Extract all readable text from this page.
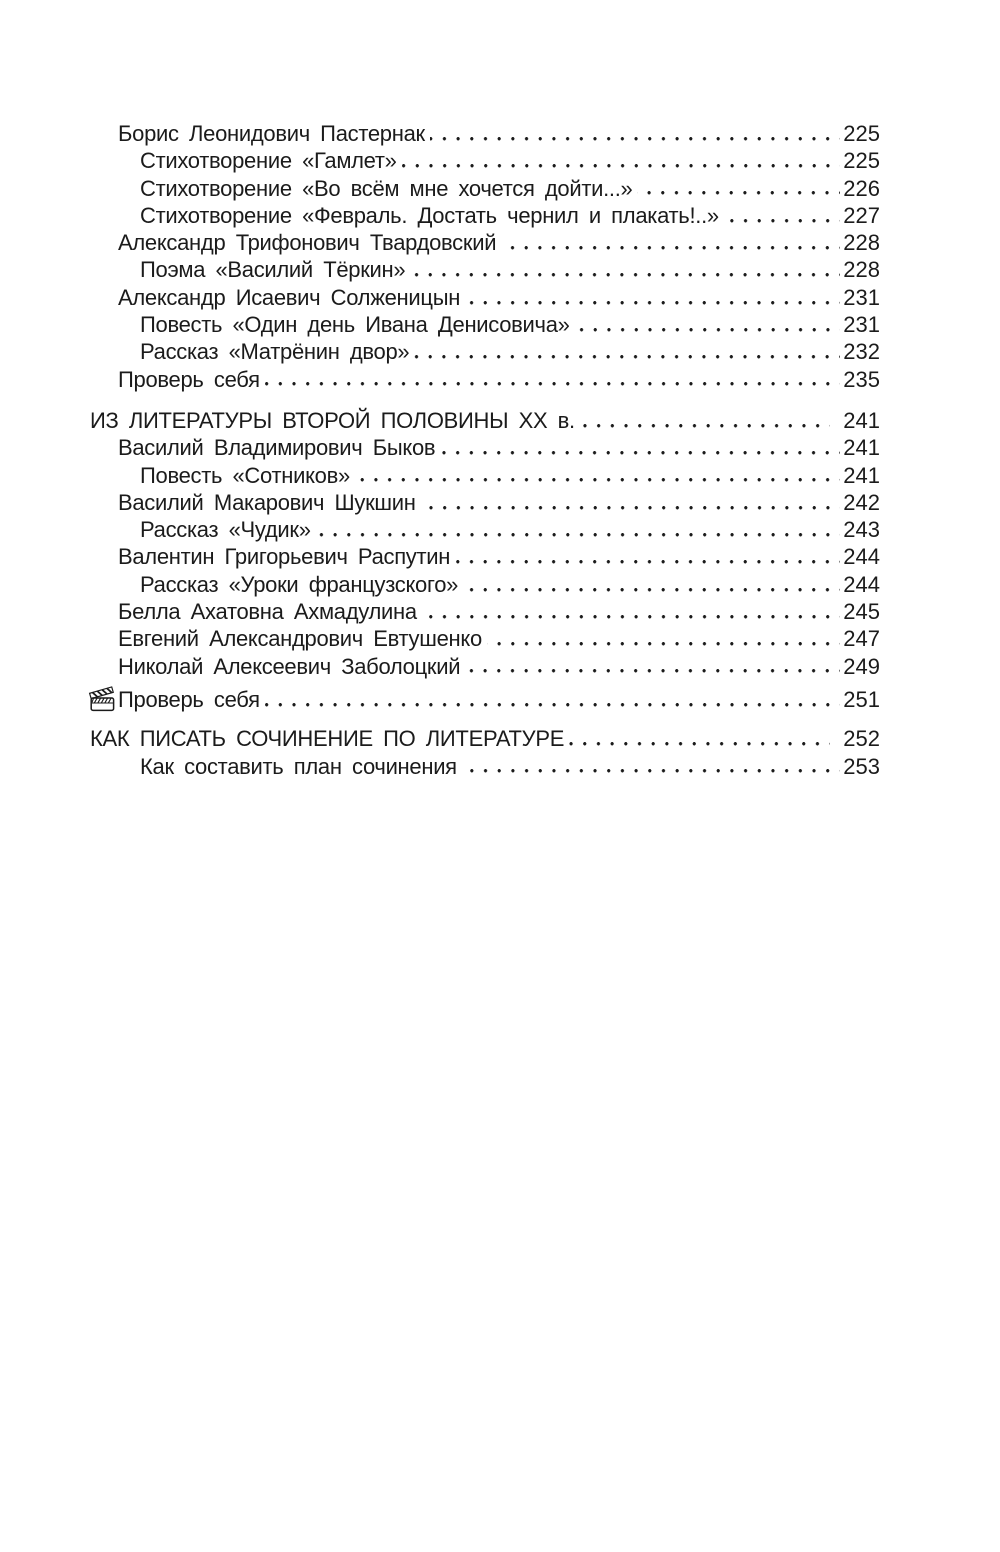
Борис Леонидович Пастернак	225
Стихотворение «Гамлет»	225
Стихотворение «Во всём мне хочется дойти...»	226
Стихотворение «Февраль. Достать чернил и плакать!..»	227
Александр Трифонович Твардовский	228
Поэма «Василий Тёркин»	228
Александр Исаевич Солженицын	231
Повесть «Один день Ивана Денисовича»	231
Рассказ «Матрёнин двор»	232
Проверь себя	235
ИЗ ЛИТЕРАТУРЫ ВТОРОЙ ПОЛОВИНЫ XX в.	241
Василий Владимирович Быков	241
Повесть «Сотников»	241
Василий Макарович Шукшин	242
Рассказ «Чудик»	243
Валентин Григорьевич Распутин	244
Рассказ «Уроки французского»	244
Белла Ахатовна Ахмадулина	245
Евгений Александрович Евтушенко	247
Николай Алексеевич Заболоцкий	249
Проверь себя	251
КАК ПИСАТЬ СОЧИНЕНИЕ ПО ЛИТЕРАТУРЕ	252
Как составить план сочинения	253
